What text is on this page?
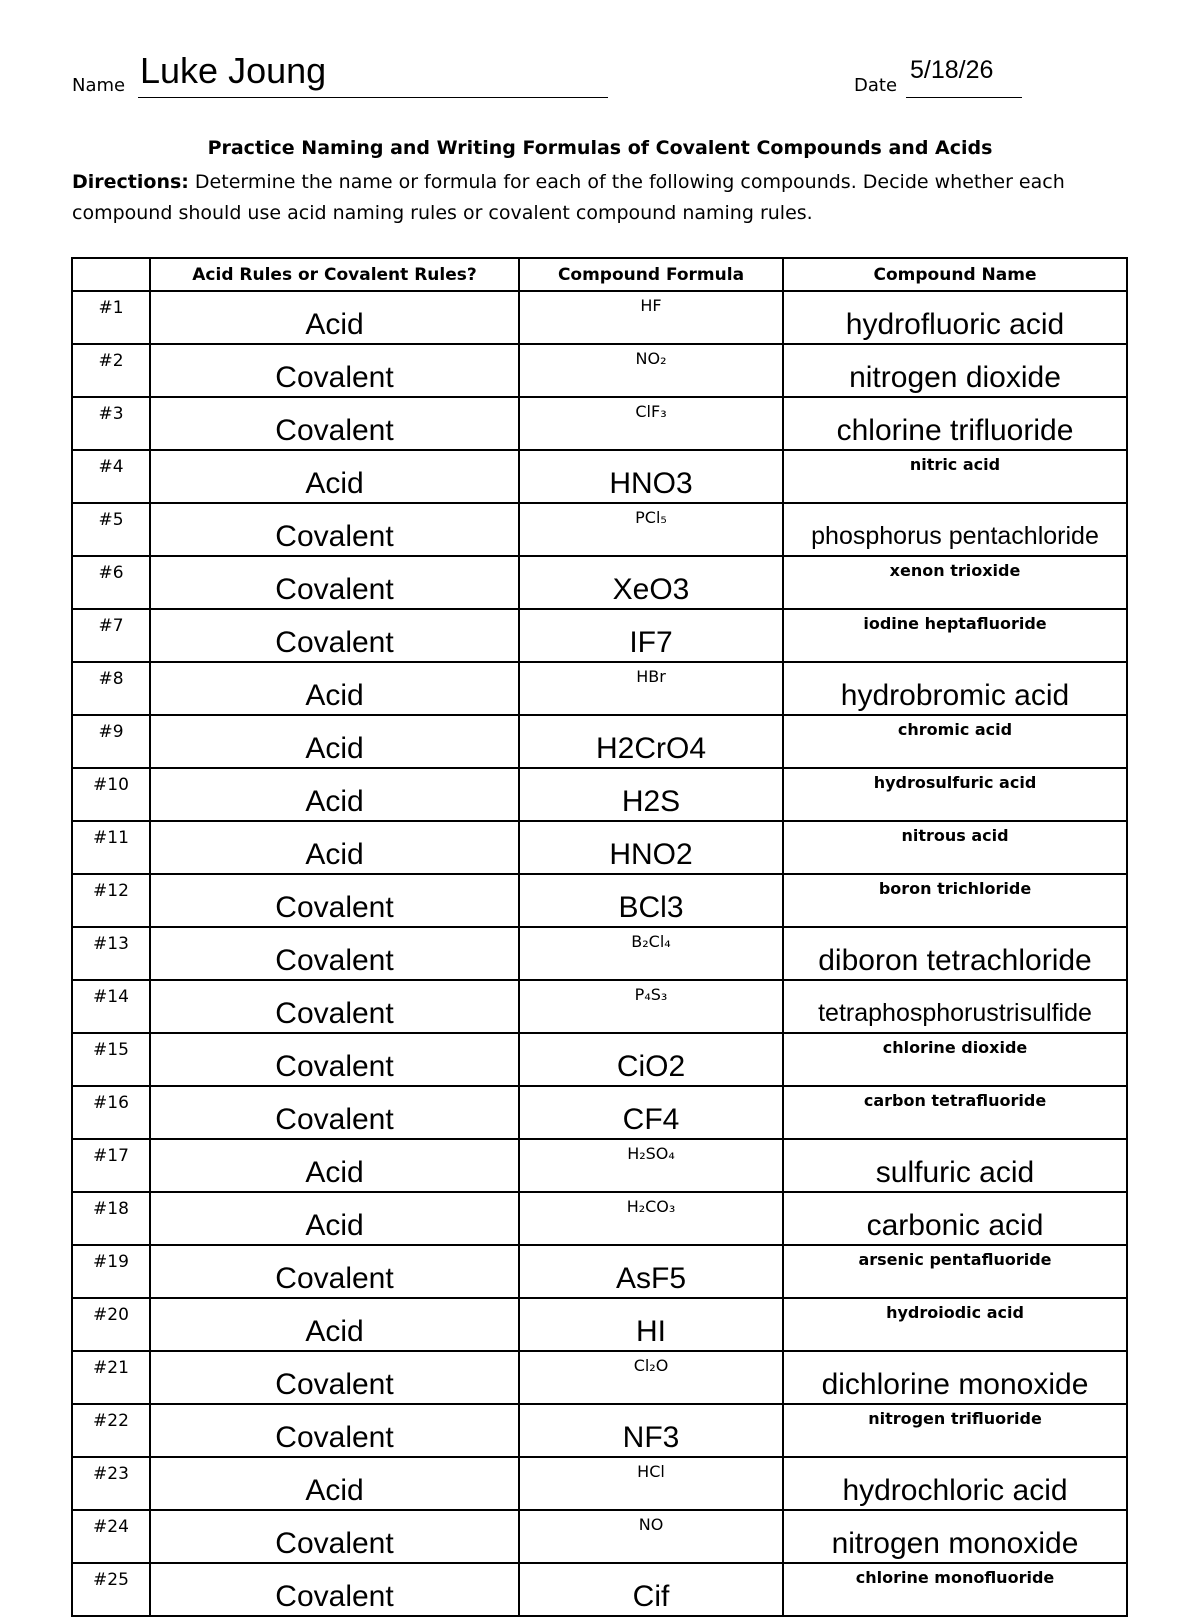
Name Luke Joung	Date
5/18/26
Practice Naming and Writing Formulas of Covalent Compounds and Acids
Directions: Determine the name or formula for each of the following compounds. Decide whether each compound should use acid naming rules or covalent compound naming rules.
	Acid Rules or Covalent Rules?	Compound Formula	Compound Name
#1	Acid	HF	hydrofluoric acid
#2	Covalent	NO₂	nitrogen dioxide
#3	Covalent	ClF₃	chlorine trifluoride
#4	Acid	HNO3	nitric acid
#5	Covalent	PCl₅	phosphorus pentachloride
#6	Covalent	XeO3	xenon trioxide
#7	Covalent	IF7	iodine heptafluoride
#8	Acid	HBr	hydrobromic acid
#9	Acid	H2CrO4	chromic acid
#10	Acid	H2S	hydrosulfuric acid
#11	Acid	HNO2	nitrous acid
#12	Covalent	BCl3	boron trichloride
#13	Covalent	B₂Cl₄	diboron tetrachloride
#14	Covalent	P₄S₃	tetraphosphorustrisulfide
#15	Covalent	CiO2	chlorine dioxide
#16	Covalent	CF4	carbon tetrafluoride
#17	Acid	H₂SO₄	sulfuric acid
#18	Acid	H₂CO₃	carbonic acid
#19	Covalent	AsF5	arsenic pentafluoride
#20	Acid	HI	hydroiodic acid
#21	Covalent	Cl₂O	dichlorine monoxide
#22	Covalent	NF3	nitrogen trifluoride
#23	Acid	HCl	hydrochloric acid
#24	Covalent	NO	nitrogen monoxide
#25	Covalent	Cif	chlorine monofluoride
